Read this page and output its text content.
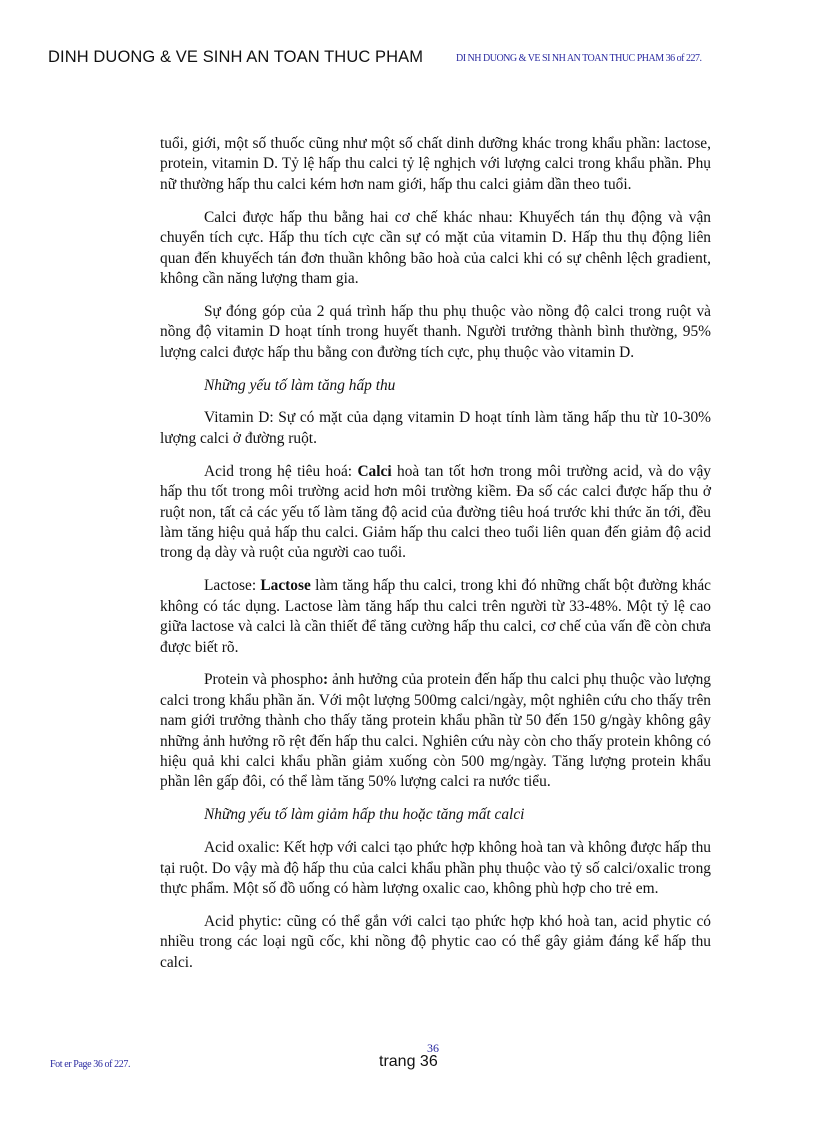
DINH DUONG & VE SINH AN TOAN THUC PHAM	DI NH DUONG & VE SI NH AN TOAN THUC PHAM 36 of 227.

tuổi, giới, một số thuốc cũng như một số chất dinh dưỡng khác trong khẩu phần: lactose, protein, vitamin D. Tỷ lệ hấp thu calci tỷ lệ nghịch với lượng calci trong khẩu phần. Phụ nữ thường hấp thu calci kém hơn nam giới, hấp thu calci giảm dần theo tuổi.

Calci được hấp thu bằng hai cơ chế khác nhau: Khuyếch tán thụ động và vận chuyển tích cực. Hấp thu tích cực cần sự có mặt của vitamin D. Hấp thu thụ động liên quan đến khuyếch tán đơn thuần không bão hoà của calci khi có sự chênh lệch gradient, không cần năng lượng tham gia.

Sự đóng góp của 2 quá trình hấp thu phụ thuộc vào nồng độ calci trong ruột và nồng độ vitamin D hoạt tính trong huyết thanh. Người trưởng thành bình thường, 95% lượng calci được hấp thu bằng con đường tích cực, phụ thuộc vào vitamin D.

Những yếu tố làm tăng hấp thu

Vitamin D: Sự có mặt của dạng vitamin D hoạt tính làm tăng hấp thu từ 10-30% lượng calci ở đường ruột.

Acid trong hệ tiêu hoá: Calci hoà tan tốt hơn trong môi trường acid, và do vậy hấp thu tốt trong môi trường acid hơn môi trường kiềm. Đa số các calci được hấp thu ở ruột non, tất cả các yếu tố làm tăng độ acid của đường tiêu hoá trước khi thức ăn tới, đều làm tăng hiệu quả hấp thu calci. Giảm hấp thu calci theo tuổi liên quan đến giảm độ acid trong dạ dày và ruột của người cao tuổi.

Lactose: Lactose làm tăng hấp thu calci, trong khi đó những chất bột đường khác không có tác dụng. Lactose làm tăng hấp thu calci trên người từ 33-48%. Một tỷ lệ cao giữa lactose và calci là cần thiết để tăng cường hấp thu calci, cơ chế của vấn đề còn chưa được biết rõ.

Protein và phospho: ảnh hưởng của protein đến hấp thu calci phụ thuộc vào lượng calci trong khẩu phần ăn. Với một lượng 500mg calci/ngày, một nghiên cứu cho thấy trên nam giới trưởng thành cho thấy tăng protein khẩu phần từ 50 đến 150 g/ngày không gây những ảnh hưởng rõ rệt đến hấp thu calci. Nghiên cứu này còn cho thấy protein không có hiệu quả khi calci khẩu phần giảm xuống còn 500 mg/ngày. Tăng lượng protein khẩu phần lên gấp đôi, có thể làm tăng 50% lượng calci ra nước tiểu.

Những yếu tố làm giảm hấp thu hoặc tăng mất calci

Acid oxalic: Kết hợp với calci tạo phức hợp không hoà tan và không được hấp thu tại ruột. Do vậy mà độ hấp thu của calci khẩu phần phụ thuộc vào tỷ số calci/oxalic trong thực phẩm. Một số đồ uống có hàm lượng oxalic cao, không phù hợp cho trẻ em.

Acid phytic: cũng có thể gắn với calci tạo phức hợp khó hoà tan, acid phytic có nhiều trong các loại ngũ cốc, khi nồng độ phytic cao có thể gây giảm đáng kể hấp thu calci.

36
trang 36
Fot er Page 36 of 227.
